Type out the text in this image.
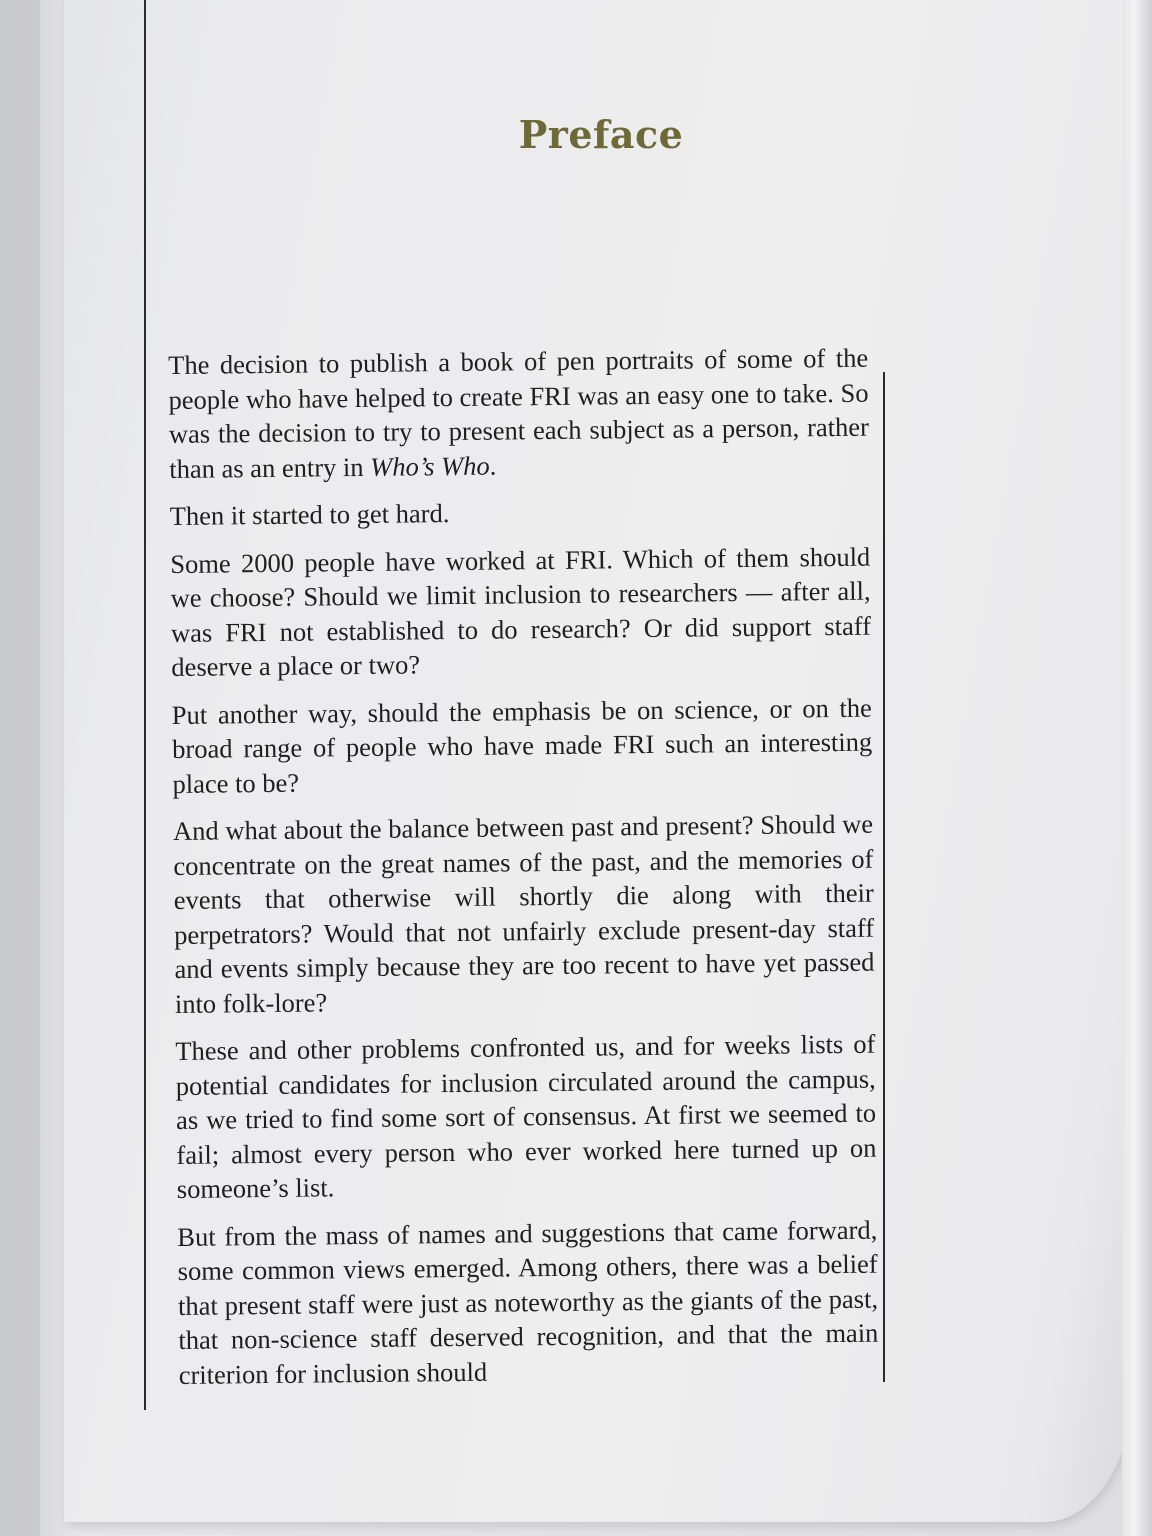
Preface

The decision to publish a book of pen portraits of some of the people who have helped to create FRI was an easy one to take. So was the decision to try to present each subject as a person, rather than as an entry in Who’s Who.

Then it started to get hard.

Some 2000 people have worked at FRI. Which of them should we choose? Should we limit inclusion to researchers — after all, was FRI not established to do research? Or did support staff deserve a place or two?

Put another way, should the emphasis be on science, or on the broad range of people who have made FRI such an interesting place to be?

And what about the balance between past and present? Should we concentrate on the great names of the past, and the memories of events that otherwise will shortly die along with their perpetrators? Would that not unfairly exclude present-day staff and events simply because they are too recent to have yet passed into folk-lore?

These and other problems confronted us, and for weeks lists of potential candidates for inclusion circulated around the campus, as we tried to find some sort of consensus. At first we seemed to fail; almost every person who ever worked here turned up on someone’s list.

But from the mass of names and suggestions that came forward, some common views emerged. Among others, there was a belief that present staff were just as noteworthy as the giants of the past, that non-science staff deserved recognition, and that the main criterion for inclusion should
